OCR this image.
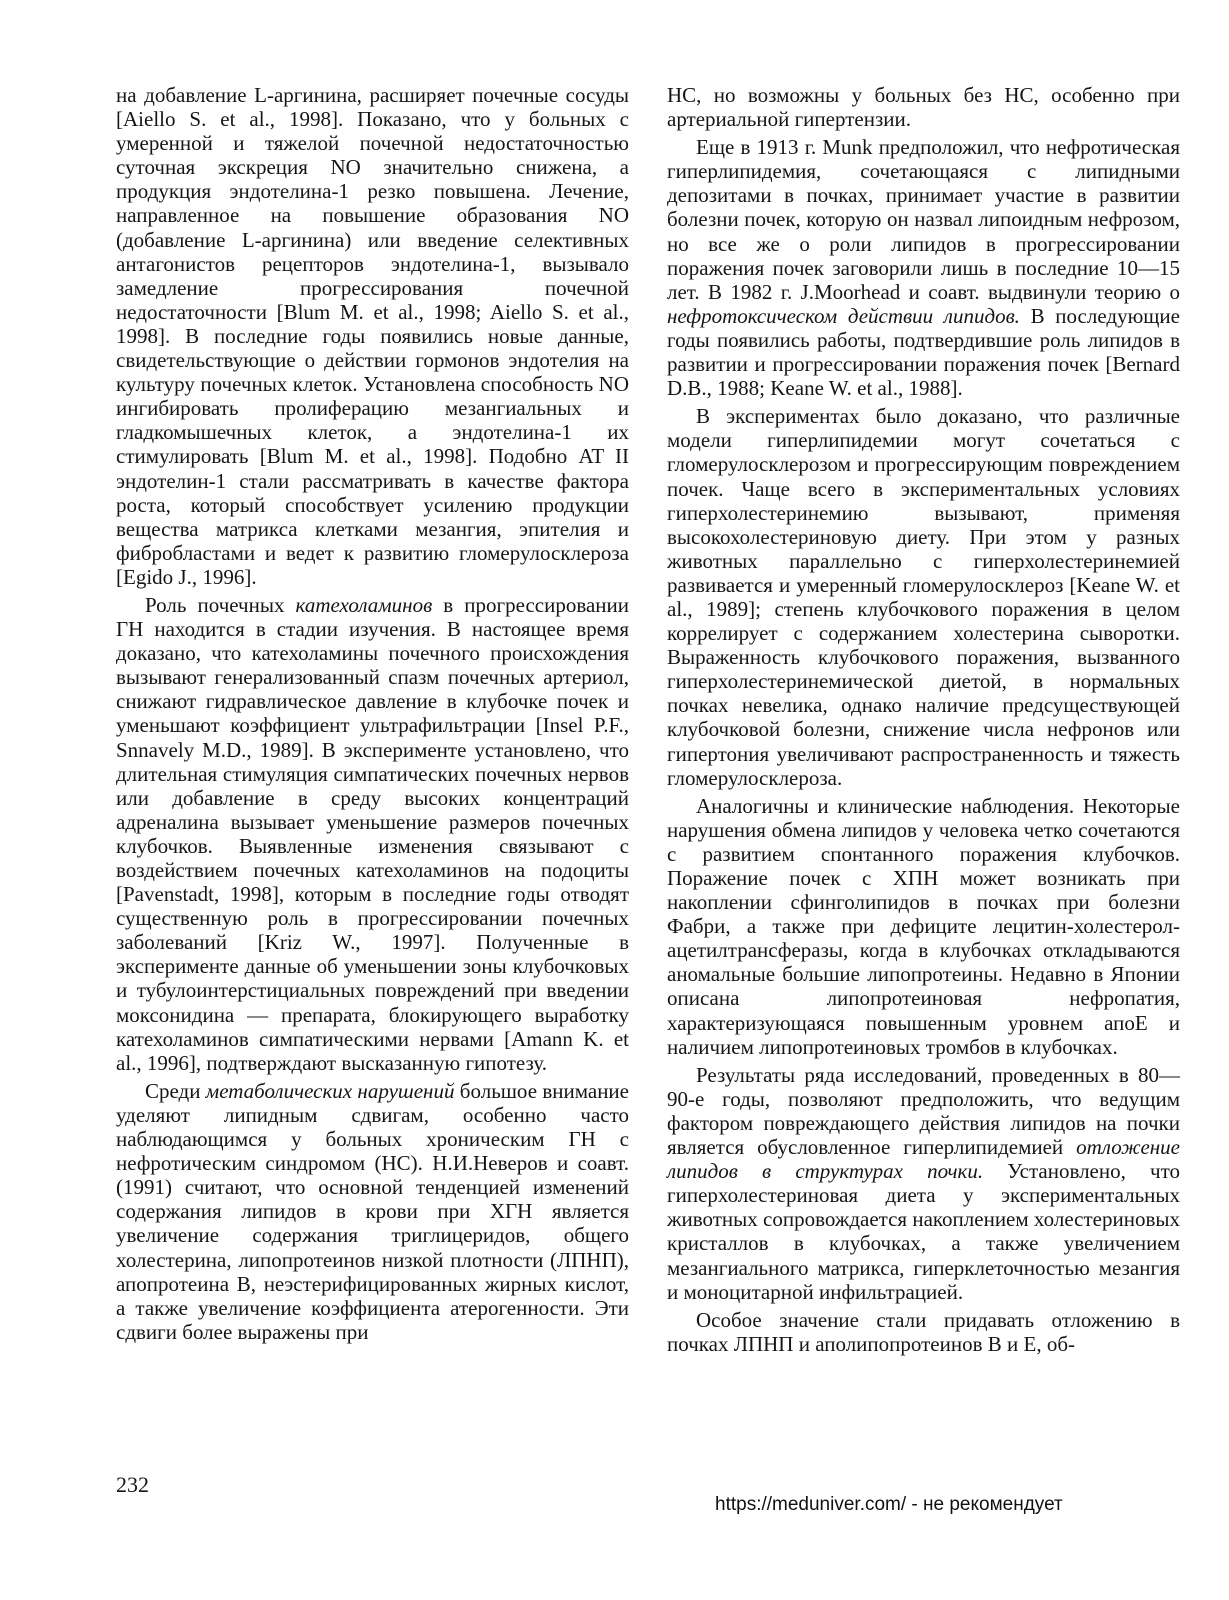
на добавление L-аргинина, расширяет почечные сосуды [Aiello S. et al., 1998]. Показано, что у больных с умеренной и тяжелой почечной недостаточностью суточная экскреция NO значительно снижена, а продукция эндотелина-1 резко повышена. Лечение, направленное на повышение образования NO (добавление L-аргинина) или введение селективных антагонистов рецепторов эндотелина-1, вызывало замедление прогрессирования почечной недостаточности [Blum M. et al., 1998; Aiello S. et al., 1998]. В последние годы появились новые данные, свидетельствующие о действии гормонов эндотелия на культуру почечных клеток. Установлена способность NO ингибировать пролиферацию мезангиальных и гладкомышечных клеток, а эндотелина-1 их стимулировать [Blum M. et al., 1998]. Подобно AT II эндотелин-1 стали рассматривать в качестве фактора роста, который способствует усилению продукции вещества матрикса клетками мезангия, эпителия и фибробластами и ведет к развитию гломерулосклероза [Egido J., 1996].

Роль почечных катехоламинов в прогрессировании ГН находится в стадии изучения. В настоящее время доказано, что катехоламины почечного происхождения вызывают генерализованный спазм почечных артериол, снижают гидравлическое давление в клубочке почек и уменьшают коэффициент ультрафильтрации [Insel P.F., Snnavely M.D., 1989]. В эксперименте установлено, что длительная стимуляция симпатических почечных нервов или добавление в среду высоких концентраций адреналина вызывает уменьшение размеров почечных клубочков. Выявленные изменения связывают с воздействием почечных катехоламинов на подоциты [Pavenstadt, 1998], которым в последние годы отводят существенную роль в прогрессировании почечных заболеваний [Kriz W., 1997]. Полученные в эксперименте данные об уменьшении зоны клубочковых и тубулоинтерстициальных повреждений при введении моксонидина — препарата, блокирующего выработку катехоламинов симпатическими нервами [Amann K. et al., 1996], подтверждают высказанную гипотезу.

Среди метаболических нарушений большое внимание уделяют липидным сдвигам, особенно часто наблюдающимся у больных хроническим ГН с нефротическим синдромом (НС). Н.И.Неверов и соавт. (1991) считают, что основной тенденцией изменений содержания липидов в крови при ХГН является увеличение содержания триглицеридов, общего холестерина, липопротеинов низкой плотности (ЛПНП), апопротеина B, неэстерифицированных жирных кислот, а также увеличение коэффициента атерогенности. Эти сдвиги более выражены при

НС, но возможны у больных без НС, особенно при артериальной гипертензии.

Еще в 1913 г. Munk предположил, что нефротическая гиперлипидемия, сочетающаяся с липидными депозитами в почках, принимает участие в развитии болезни почек, которую он назвал липоидным нефрозом, но все же о роли липидов в прогрессировании поражения почек заговорили лишь в последние 10—15 лет. В 1982 г. J.Moorhead и соавт. выдвинули теорию о нефротоксическом действии липидов. В последующие годы появились работы, подтвердившие роль липидов в развитии и прогрессировании поражения почек [Bernard D.B., 1988; Keane W. et al., 1988].

В экспериментах было доказано, что различные модели гиперлипидемии могут сочетаться с гломерулосклерозом и прогрессирующим повреждением почек. Чаще всего в экспериментальных условиях гиперхолестеринемию вызывают, применяя высокохолестериновую диету. При этом у разных животных параллельно с гиперхолестеринемией развивается и умеренный гломерулосклероз [Keane W. et al., 1989]; степень клубочкового поражения в целом коррелирует с содержанием холестерина сыворотки. Выраженность клубочкового поражения, вызванного гиперхолестеринемической диетой, в нормальных почках невелика, однако наличие предсуществующей клубочковой болезни, снижение числа нефронов или гипертония увеличивают распространенность и тяжесть гломерулосклероза.

Аналогичны и клинические наблюдения. Некоторые нарушения обмена липидов у человека четко сочетаются с развитием спонтанного поражения клубочков. Поражение почек с ХПН может возникать при накоплении сфинголипидов в почках при болезни Фабри, а также при дефиците лецитин-холестерол-ацетилтрансферазы, когда в клубочках откладываются аномальные большие липопротеины. Недавно в Японии описана липопротеиновая нефропатия, характеризующаяся повышенным уровнем апоE и наличием липопротеиновых тромбов в клубочках.

Результаты ряда исследований, проведенных в 80—90-е годы, позволяют предположить, что ведущим фактором повреждающего действия липидов на почки является обусловленное гиперлипидемией отложение липидов в структурах почки. Установлено, что гиперхолестериновая диета у экспериментальных животных сопровождается накоплением холестериновых кристаллов в клубочках, а также увеличением мезангиального матрикса, гиперклеточностью мезангия и моноцитарной инфильтрацией.

Особое значение стали придавать отложению в почках ЛПНП и аполипопротеинов B и E, об-

232
https://meduniver.com/ - не рекомендует
